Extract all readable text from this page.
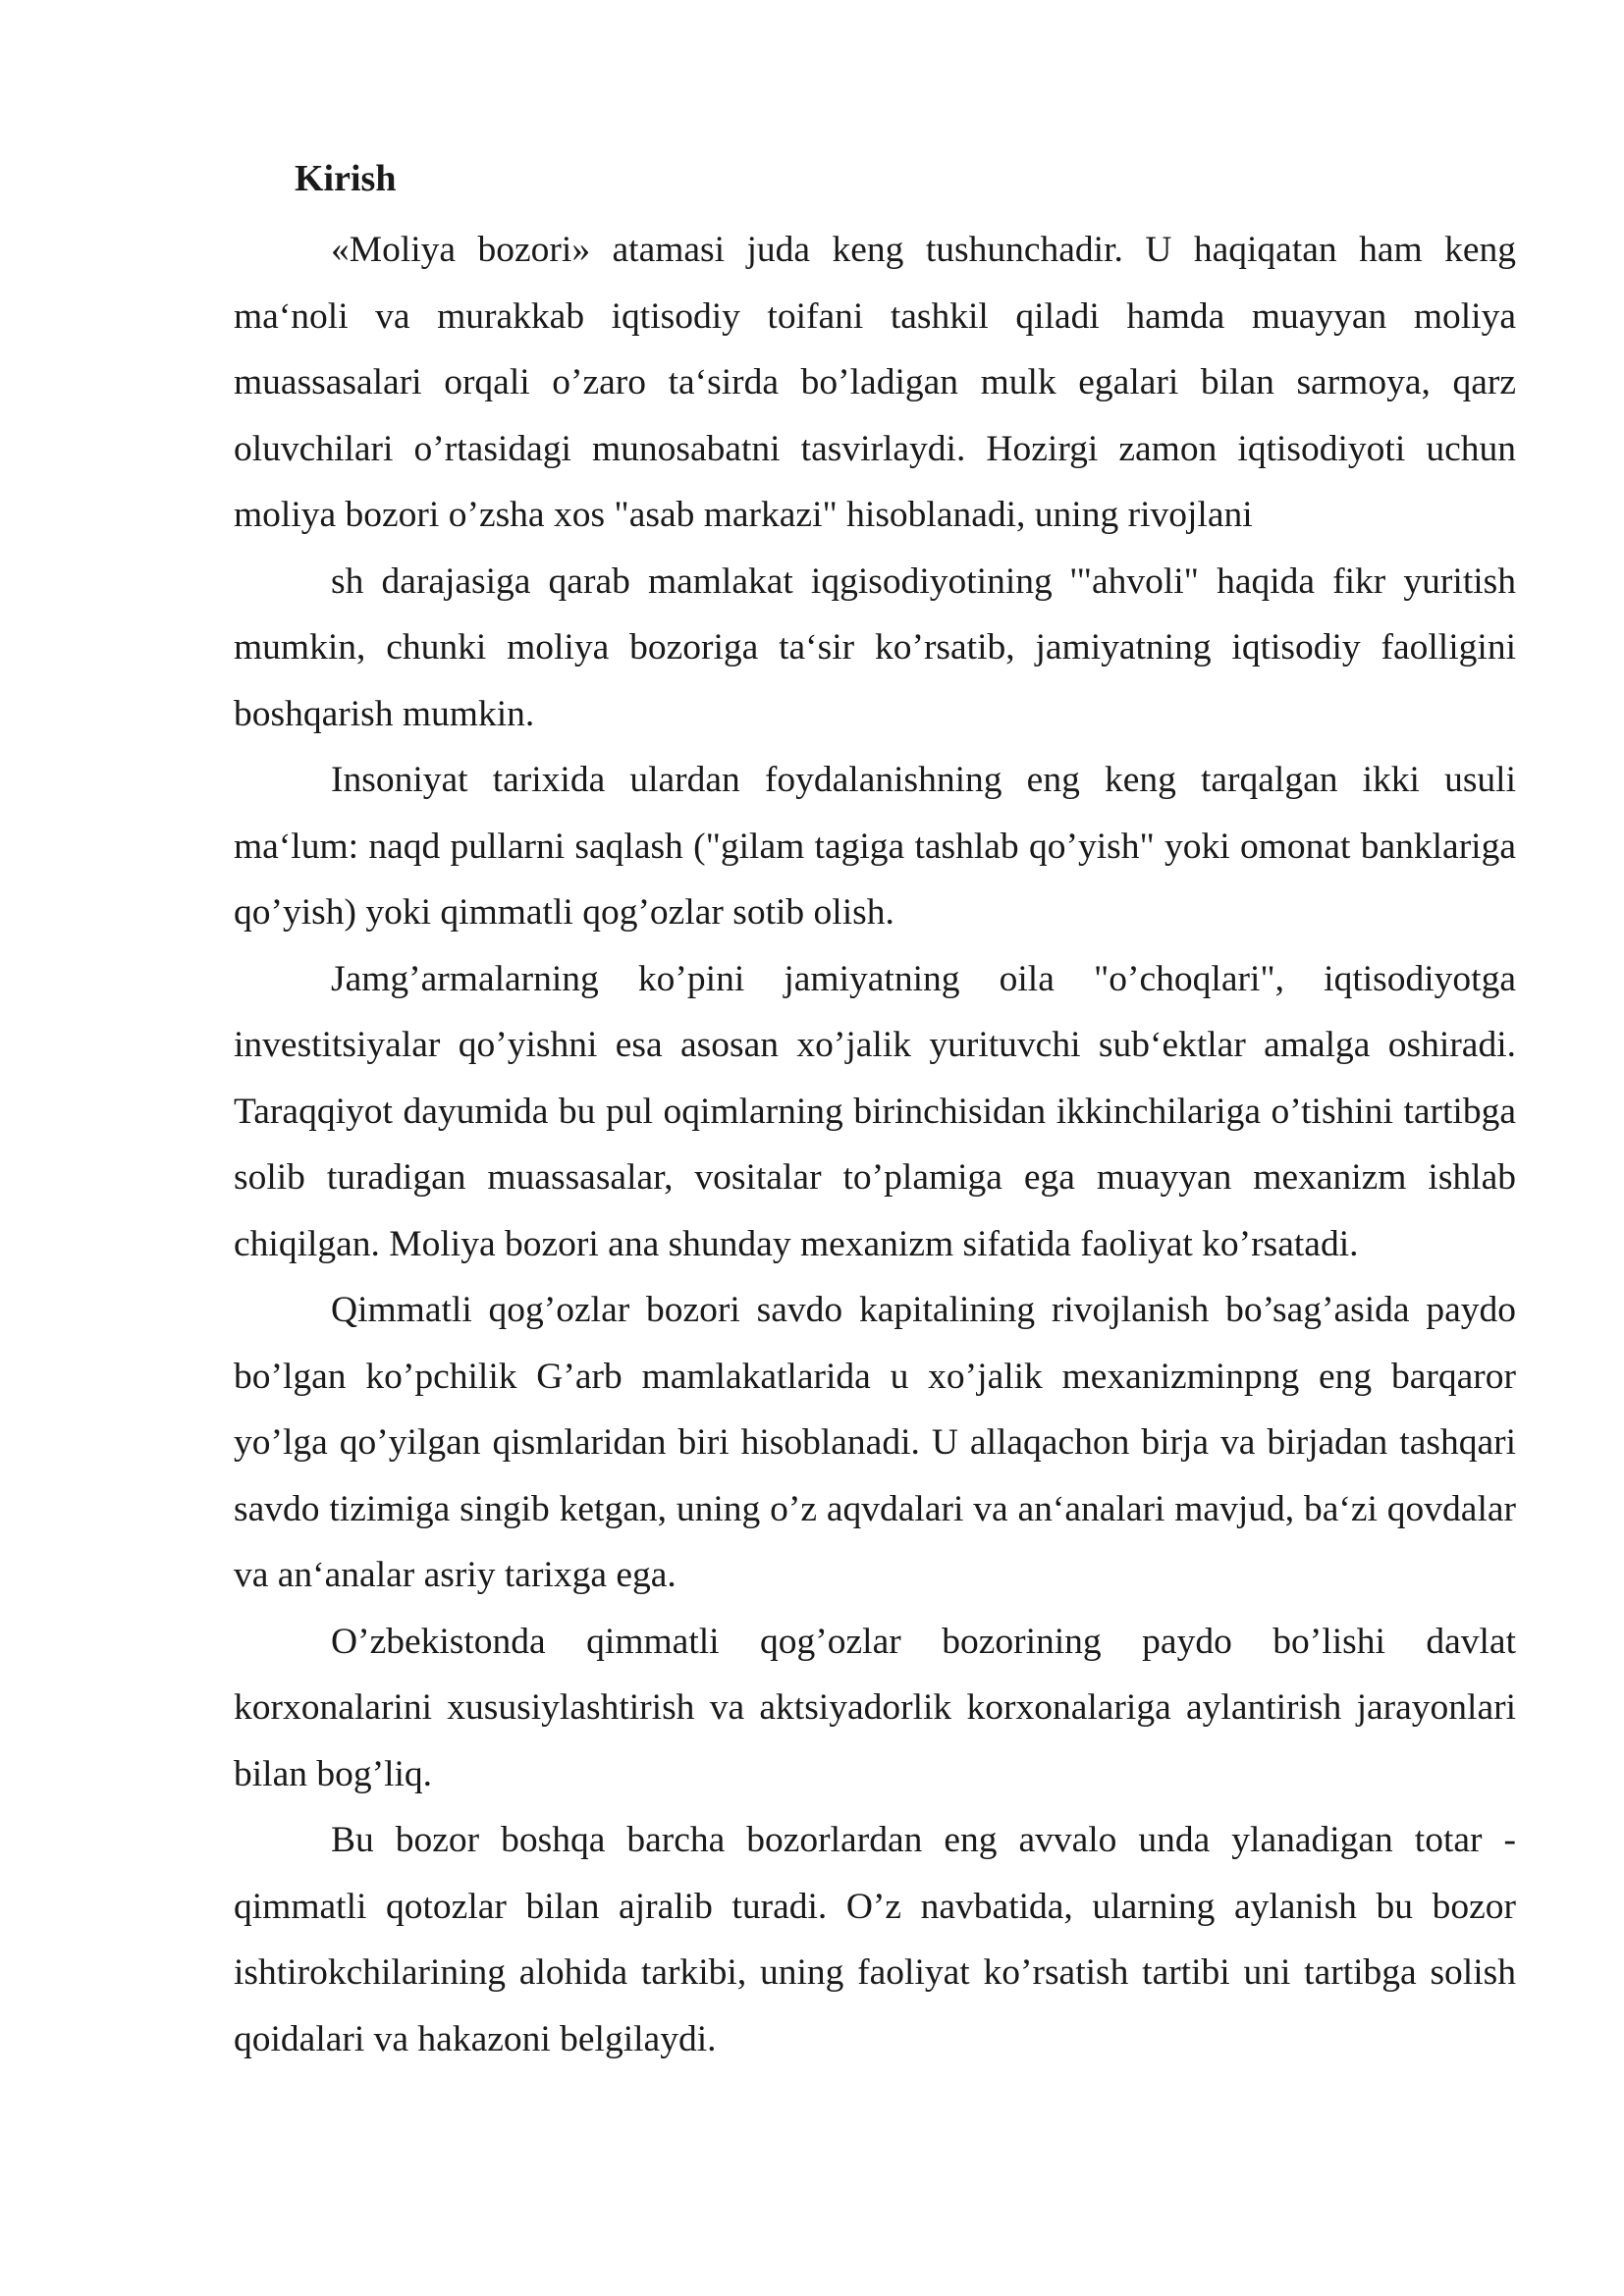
Kirish

«Moliya bozori» atamasi juda keng tushunchadir. U haqiqatan ham keng ma‘noli va murakkab iqtisodiy toifani tashkil qiladi hamda muayyan moliya muassasalari orqali o’zaro ta‘sirda bo’ladigan mulk egalari bilan sarmoya, qarz oluvchilari o’rtasidagi munosabatni tasvirlaydi. Hozirgi zamon iqtisodiyoti uchun moliya bozori o’zsha xos "asab markazi" hisoblanadi, uning rivojlani

sh darajasiga qarab mamlakat iqgisodiyotining '"ahvoli" haqida fikr yuritish mumkin, chunki moliya bozoriga ta‘sir ko’rsatib, jamiyatning iqtisodiy faolligini boshqarish mumkin.

Insoniyat tarixida ulardan foydalanishning eng keng tarqalgan ikki usuli ma‘lum: naqd pullarni saqlash ("gilam tagiga tashlab qo’yish" yoki omonat banklariga qo’yish) yoki qimmatli qog’ozlar sotib olish.

Jamg’armalarning ko’pini jamiyatning oila "o’choqlari", iqtisodiyotga investitsiyalar qo’yishni esa asosan xo’jalik yurituvchi sub‘ektlar amalga oshiradi. Taraqqiyot dayumida bu pul oqimlarning birinchisidan ikkinchilariga o’tishini tartibga solib turadigan muassasalar, vositalar to’plamiga ega muayyan mexanizm ishlab chiqilgan. Moliya bozori ana shunday mexanizm sifatida faoliyat ko’rsatadi.

Qimmatli qog’ozlar bozori savdo kapitalining rivojlanish bo’sag’asida paydo bo’lgan ko’pchilik G’arb mamlakatlarida u xo’jalik mexanizminpng eng barqaror yo’lga qo’yilgan qismlaridan biri hisoblanadi. U allaqachon birja va birjadan tashqari savdo tizimiga singib ketgan, uning o’z aqvdalari va an‘analari mavjud, ba‘zi qovdalar va an‘analar asriy tarixga ega.

O’zbekistonda qimmatli qog’ozlar bozorining paydo bo’lishi davlat korxonalarini xususiylashtirish va aktsiyadorlik korxonalariga aylantirish jarayonlari bilan bog’liq.

Bu bozor boshqa barcha bozorlardan eng avvalo unda ylanadigan totar - qimmatli qotozlar bilan ajralib turadi. O’z navbatida, ularning aylanish bu bozor ishtirokchilarining alohida tarkibi, uning faoliyat ko’rsatish tartibi uni tartibga solish qoidalari va hakazoni belgilaydi.
